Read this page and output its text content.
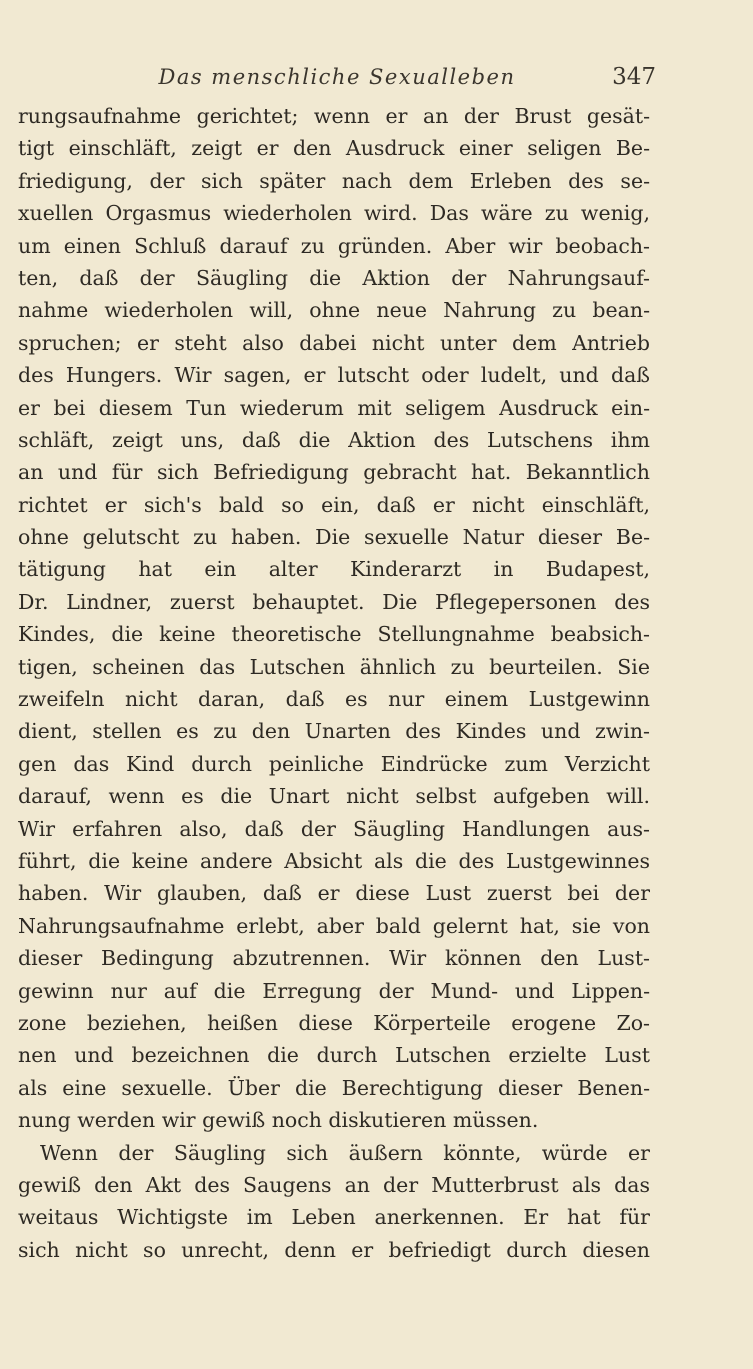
Das menschliche Sexualleben	347
rungsaufnahme gerichtet; wenn er an der Brust gesät-
tigt einschläft, zeigt er den Ausdruck einer seligen Be-
friedigung, der sich später nach dem Erleben des se-
xuellen Orgasmus wiederholen wird. Das wäre zu wenig,
um einen Schluß darauf zu gründen. Aber wir beobach-
ten, daß der Säugling die Aktion der Nahrungsauf-
nahme wiederholen will, ohne neue Nahrung zu bean-
spruchen; er steht also dabei nicht unter dem Antrieb
des Hungers. Wir sagen, er lutscht oder ludelt, und daß
er bei diesem Tun wiederum mit seligem Ausdruck ein-
schläft, zeigt uns, daß die Aktion des Lutschens ihm
an und für sich Befriedigung gebracht hat. Bekanntlich
richtet er sich's bald so ein, daß er nicht einschläft,
ohne gelutscht zu haben. Die sexuelle Natur dieser Be-
tätigung hat ein alter Kinderarzt in Budapest,
Dr. Lindner, zuerst behauptet. Die Pflegepersonen des
Kindes, die keine theoretische Stellungnahme beabsich-
tigen, scheinen das Lutschen ähnlich zu beurteilen. Sie
zweifeln nicht daran, daß es nur einem Lustgewinn
dient, stellen es zu den Unarten des Kindes und zwin-
gen das Kind durch peinliche Eindrücke zum Verzicht
darauf, wenn es die Unart nicht selbst aufgeben will.
Wir erfahren also, daß der Säugling Handlungen aus-
führt, die keine andere Absicht als die des Lustgewinnes
haben. Wir glauben, daß er diese Lust zuerst bei der
Nahrungsaufnahme erlebt, aber bald gelernt hat, sie von
dieser Bedingung abzutrennen. Wir können den Lust-
gewinn nur auf die Erregung der Mund- und Lippen-
zone beziehen, heißen diese Körperteile erogene Zo-
nen und bezeichnen die durch Lutschen erzielte Lust
als eine sexuelle. Über die Berechtigung dieser Benen-
nung werden wir gewiß noch diskutieren müssen.
Wenn der Säugling sich äußern könnte, würde er
gewiß den Akt des Saugens an der Mutterbrust als das
weitaus Wichtigste im Leben anerkennen. Er hat für
sich nicht so unrecht, denn er befriedigt durch diesen
